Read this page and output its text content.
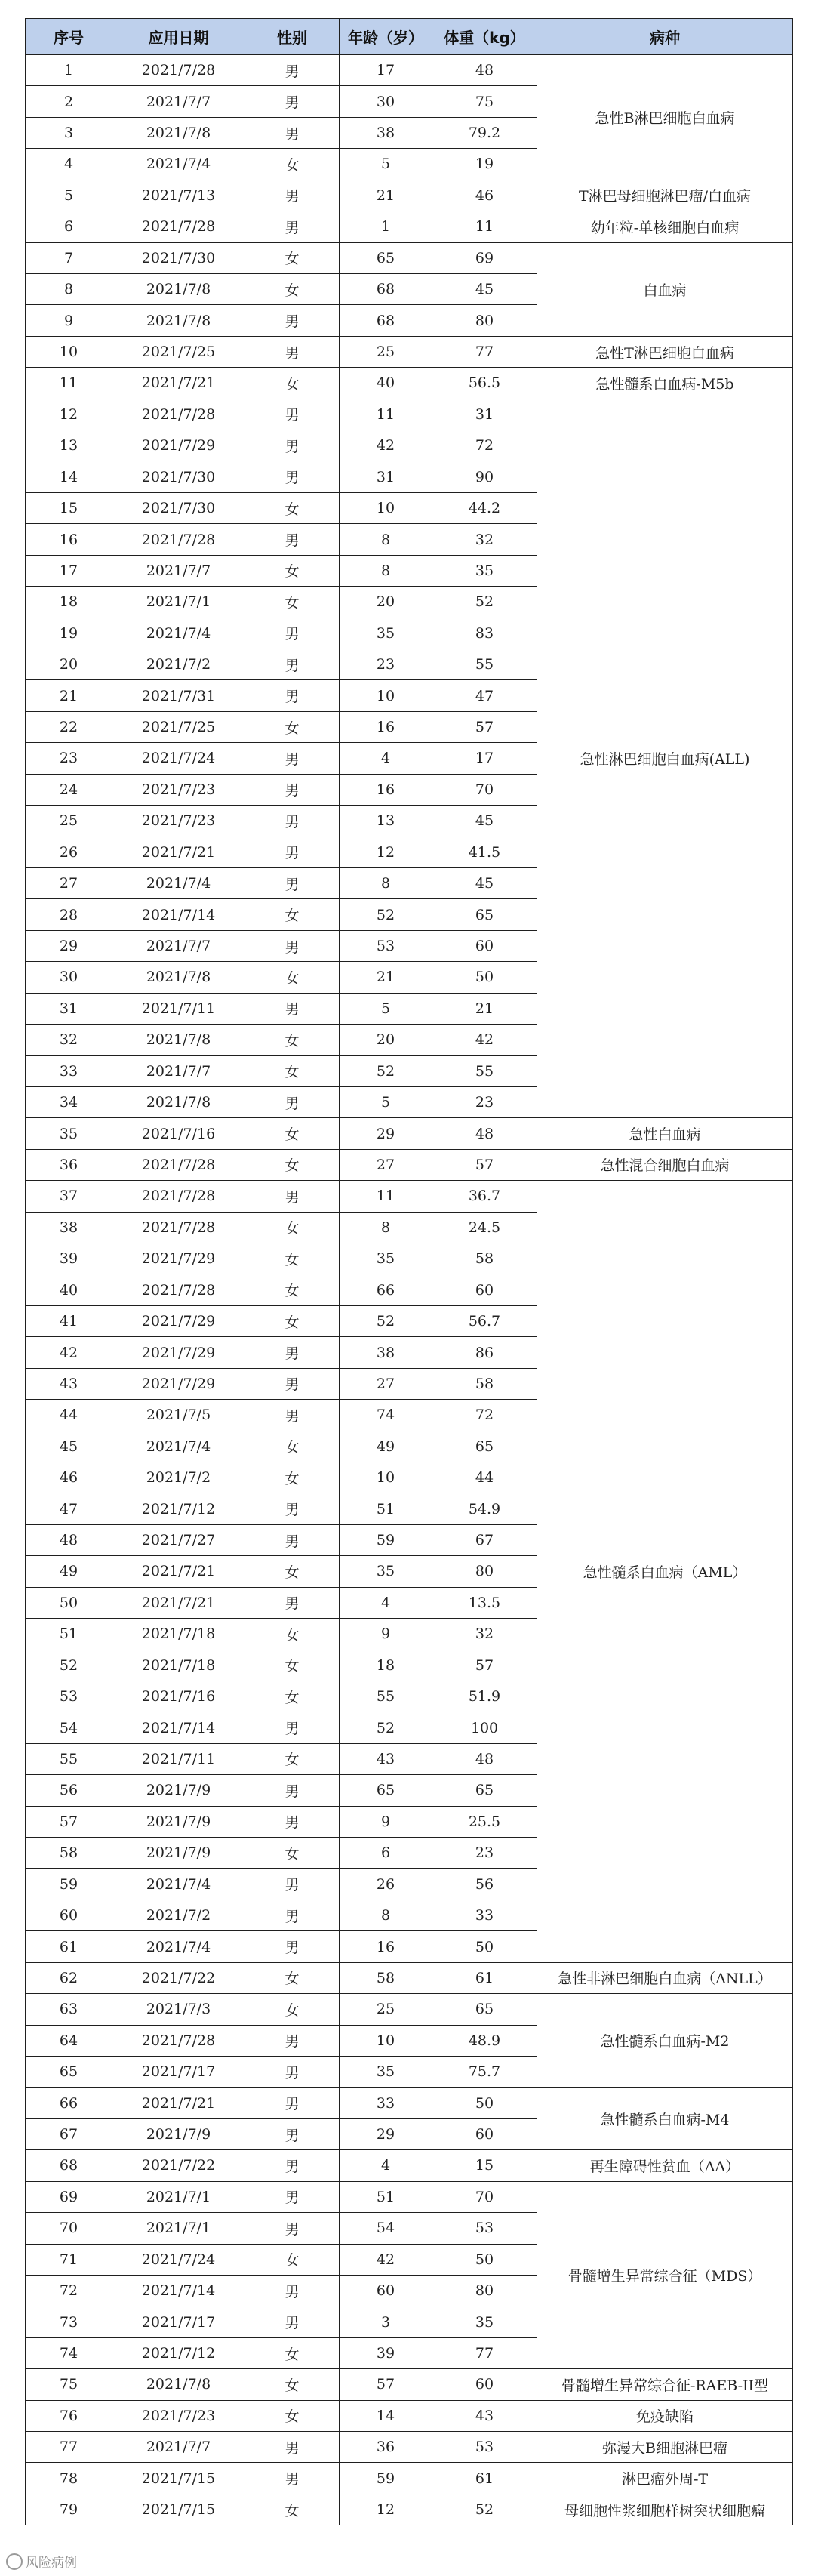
序号	应用日期	性别	年龄（岁）	体重（kg）	病种
1	2021/7/28	男	17	48	急性B淋巴细胞白血病
2	2021/7/7	男	30	75	
3	2021/7/8	男	38	79.2	
4	2021/7/4	女	5	19	
5	2021/7/13	男	21	46	T淋巴母细胞淋巴瘤/白血病
6	2021/7/28	男	1	11	幼年粒-单核细胞白血病
7	2021/7/30	女	65	69	白血病
8	2021/7/8	女	68	45	
9	2021/7/8	男	68	80	
10	2021/7/25	男	25	77	急性T淋巴细胞白血病
11	2021/7/21	女	40	56.5	急性髓系白血病-M5b
12	2021/7/28	男	11	31	急性淋巴细胞白血病(ALL)
13	2021/7/29	男	42	72	
14	2021/7/30	男	31	90	
15	2021/7/30	女	10	44.2	
16	2021/7/28	男	8	32	
17	2021/7/7	女	8	35	
18	2021/7/1	女	20	52	
19	2021/7/4	男	35	83	
20	2021/7/2	男	23	55	
21	2021/7/31	男	10	47	
22	2021/7/25	女	16	57	
23	2021/7/24	男	4	17	
24	2021/7/23	男	16	70	
25	2021/7/23	男	13	45	
26	2021/7/21	男	12	41.5	
27	2021/7/4	男	8	45	
28	2021/7/14	女	52	65	
29	2021/7/7	男	53	60	
30	2021/7/8	女	21	50	
31	2021/7/11	男	5	21	
32	2021/7/8	女	20	42	
33	2021/7/7	女	52	55	
34	2021/7/8	男	5	23	
35	2021/7/16	女	29	48	急性白血病
36	2021/7/28	女	27	57	急性混合细胞白血病
37	2021/7/28	男	11	36.7	急性髓系白血病（AML）
38	2021/7/28	女	8	24.5	
39	2021/7/29	女	35	58	
40	2021/7/28	女	66	60	
41	2021/7/29	女	52	56.7	
42	2021/7/29	男	38	86	
43	2021/7/29	男	27	58	
44	2021/7/5	男	74	72	
45	2021/7/4	女	49	65	
46	2021/7/2	女	10	44	
47	2021/7/12	男	51	54.9	
48	2021/7/27	男	59	67	
49	2021/7/21	女	35	80	
50	2021/7/21	男	4	13.5	
51	2021/7/18	女	9	32	
52	2021/7/18	女	18	57	
53	2021/7/16	女	55	51.9	
54	2021/7/14	男	52	100	
55	2021/7/11	女	43	48	
56	2021/7/9	男	65	65	
57	2021/7/9	男	9	25.5	
58	2021/7/9	女	6	23	
59	2021/7/4	男	26	56	
60	2021/7/2	男	8	33	
61	2021/7/4	男	16	50	
62	2021/7/22	女	58	61	急性非淋巴细胞白血病（ANLL）
63	2021/7/3	女	25	65	急性髓系白血病-M2
64	2021/7/28	男	10	48.9	
65	2021/7/17	男	35	75.7	
66	2021/7/21	男	33	50	急性髓系白血病-M4
67	2021/7/9	男	29	60	
68	2021/7/22	男	4	15	再生障碍性贫血（AA）
69	2021/7/1	男	51	70	骨髓增生异常综合征（MDS）
70	2021/7/1	男	54	53	
71	2021/7/24	女	42	50	
72	2021/7/14	男	60	80	
73	2021/7/17	男	3	35	
74	2021/7/12	女	39	77	
75	2021/7/8	女	57	60	骨髓增生异常综合征-RAEB-II型
76	2021/7/23	女	14	43	免疫缺陷
77	2021/7/7	男	36	53	弥漫大B细胞淋巴瘤
78	2021/7/15	男	59	61	淋巴瘤外周-T
79	2021/7/15	女	12	52	母细胞性浆细胞样树突状细胞瘤
风险病例
